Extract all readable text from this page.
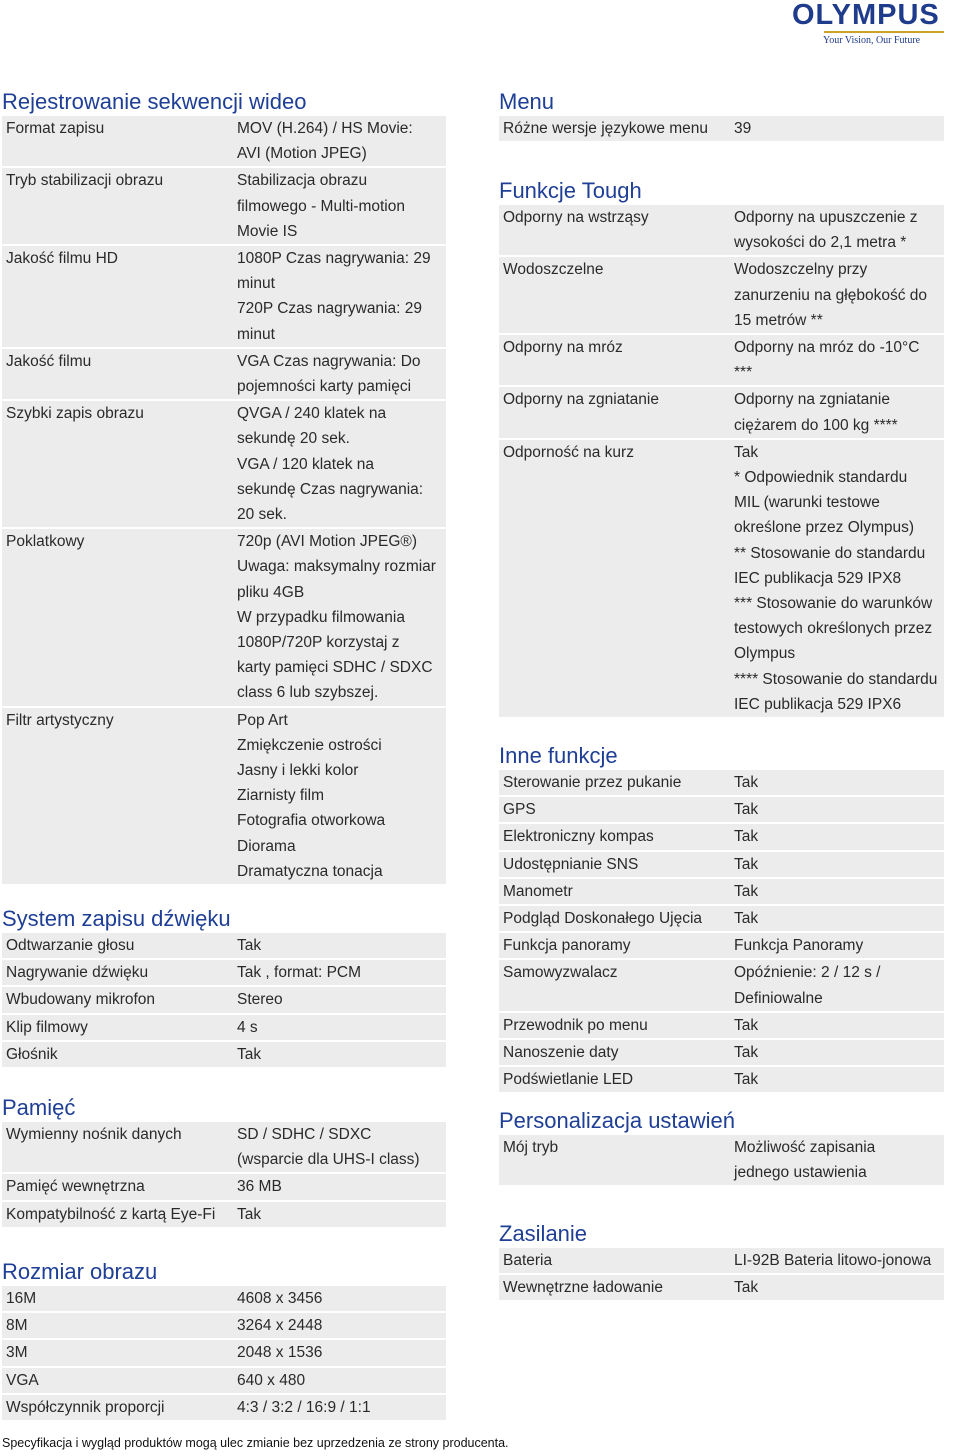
OLYMPUS
Your Vision, Our Future
Rejestrowanie sekwencji wideo
Format zapisu	MOV (H.264) / HS Movie:
AVI (Motion JPEG)
Tryb stabilizacji obrazu	Stabilizacja obrazu
filmowego - Multi-motion
Movie IS
Jakość filmu HD	1080P Czas nagrywania: 29
minut
720P Czas nagrywania: 29
minut
Jakość filmu	VGA Czas nagrywania: Do
pojemności karty pamięci
Szybki zapis obrazu	QVGA / 240 klatek na
sekundę 20 sek.
VGA / 120 klatek na
sekundę Czas nagrywania:
20 sek.
Poklatkowy	720p (AVI Motion JPEG®)
Uwaga: maksymalny rozmiar
pliku 4GB
W przypadku filmowania
1080P/720P korzystaj z
karty pamięci SDHC / SDXC
class 6 lub szybszej.
Filtr artystyczny	Pop Art
Zmiękczenie ostrości
Jasny i lekki kolor
Ziarnisty film
Fotografia otworkowa
Diorama
Dramatyczna tonacja
System zapisu dźwięku
Odtwarzanie głosu	Tak
Nagrywanie dźwięku	Tak , format: PCM
Wbudowany mikrofon	Stereo
Klip filmowy	4 s
Głośnik	Tak
Pamięć
Wymienny nośnik danych	SD / SDHC / SDXC
(wsparcie dla UHS-I class)
Pamięć wewnętrzna	36 MB
Kompatybilność z kartą Eye-Fi	Tak
Rozmiar obrazu
16M	4608 x 3456
8M	3264 x 2448
3M	2048 x 1536
VGA	640 x 480
Współczynnik proporcji	4:3 / 3:2 / 16:9 / 1:1
Menu
Różne wersje językowe menu	39
Funkcje Tough
Odporny na wstrząsy	Odporny na upuszczenie z
wysokości do 2,1 metra *
Wodoszczelne	Wodoszczelny przy
zanurzeniu na głębokość do
15 metrów **
Odporny na mróz	Odporny na mróz do -10°C
***
Odporny na zgniatanie	Odporny na zgniatanie
ciężarem do 100 kg ****
Odporność na kurz	Tak
* Odpowiednik standardu
MIL (warunki testowe
określone przez Olympus)
** Stosowanie do standardu
IEC publikacja 529 IPX8
*** Stosowanie do warunków
testowych określonych przez
Olympus
**** Stosowanie do standardu
IEC publikacja 529 IPX6
Inne funkcje
Sterowanie przez pukanie	Tak
GPS	Tak
Elektroniczny kompas	Tak
Udostępnianie SNS	Tak
Manometr	Tak
Podgląd Doskonałego Ujęcia	Tak
Funkcja panoramy	Funkcja Panoramy
Samowyzwalacz	Opóźnienie: 2 / 12 s /
Definiowalne
Przewodnik po menu	Tak
Nanoszenie daty	Tak
Podświetlanie LED	Tak
Personalizacja ustawień
Mój tryb	Możliwość zapisania
jednego ustawienia
Zasilanie
Bateria	LI-92B Bateria litowo-jonowa
Wewnętrzne ładowanie	Tak
Specyfikacja i wygląd produktów mogą ulec zmianie bez uprzedzenia ze strony producenta.
